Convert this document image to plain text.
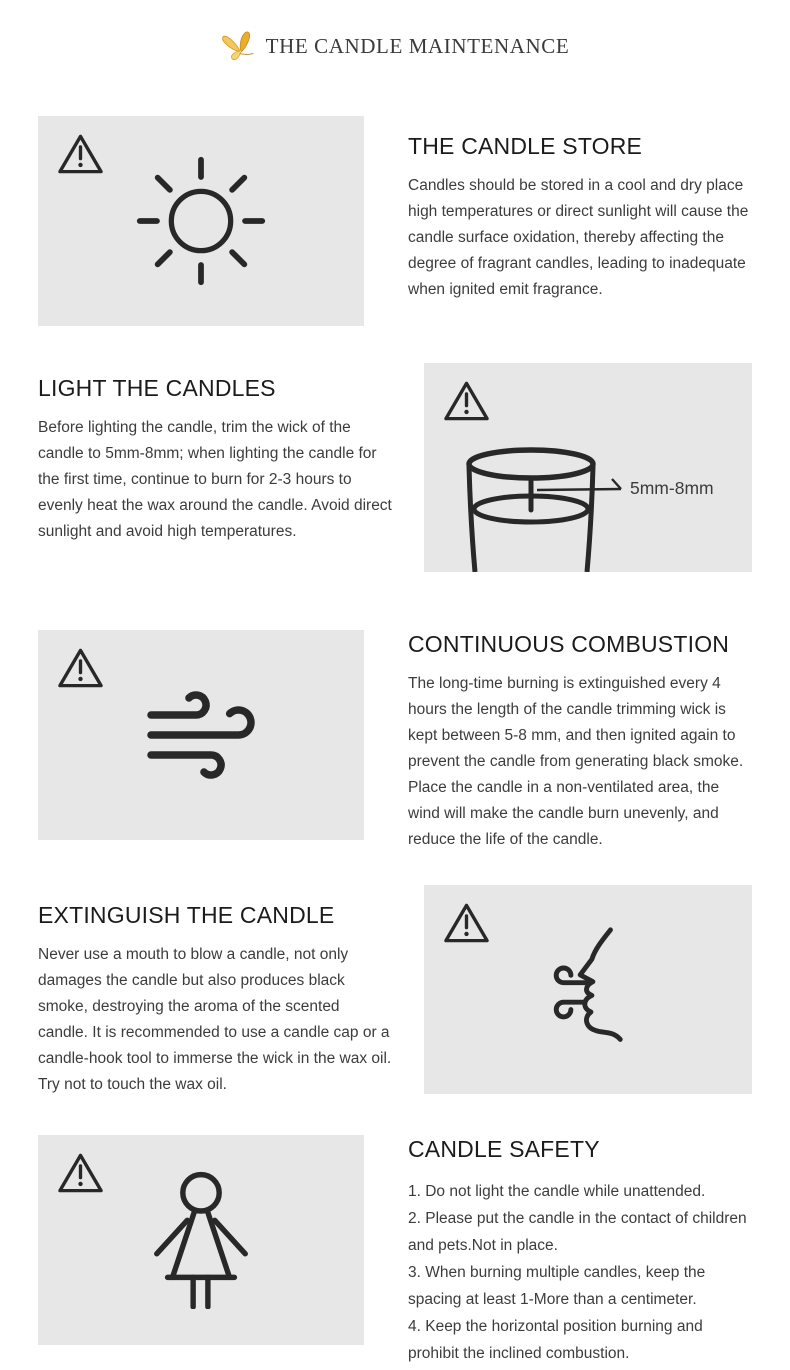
THE CANDLE MAINTENANCE
THE CANDLE STORE

Candles should be stored in a cool and dry place high temperatures or direct sunlight will cause the candle surface oxidation, thereby affecting the degree of fragrant candles, leading to inadequate when ignited emit fragrance.

LIGHT THE CANDLES

Before lighting the candle, trim the wick of the candle to 5mm-8mm; when lighting the candle for the first time, continue to burn for 2-3 hours to evenly heat the wax around the candle. Avoid direct sunlight and avoid high temperatures.

5mm-8mm
CONTINUOUS COMBUSTION

The long-time burning is extinguished every 4 hours the length of the candle trimming wick is kept between 5-8 mm, and then ignited again to prevent the candle from generating black smoke. Place the candle in a non-ventilated area, the wind will make the candle burn unevenly, and reduce the life of the candle.

EXTINGUISH THE CANDLE

Never use a mouth to blow a candle, not only damages the candle but also produces black smoke, destroying the aroma of the scented candle. It is recommended to use a candle cap or a candle-hook tool to immerse the wick in the wax oil. Try not to touch the wax oil.

CANDLE SAFETY

1. Do not light the candle while unattended.

2. Please put the candle in the contact of children and pets.Not in place.

3. When burning multiple candles, keep the spacing at least 1-More than a centimeter.

4. Keep the horizontal position burning and prohibit the inclined combustion.
